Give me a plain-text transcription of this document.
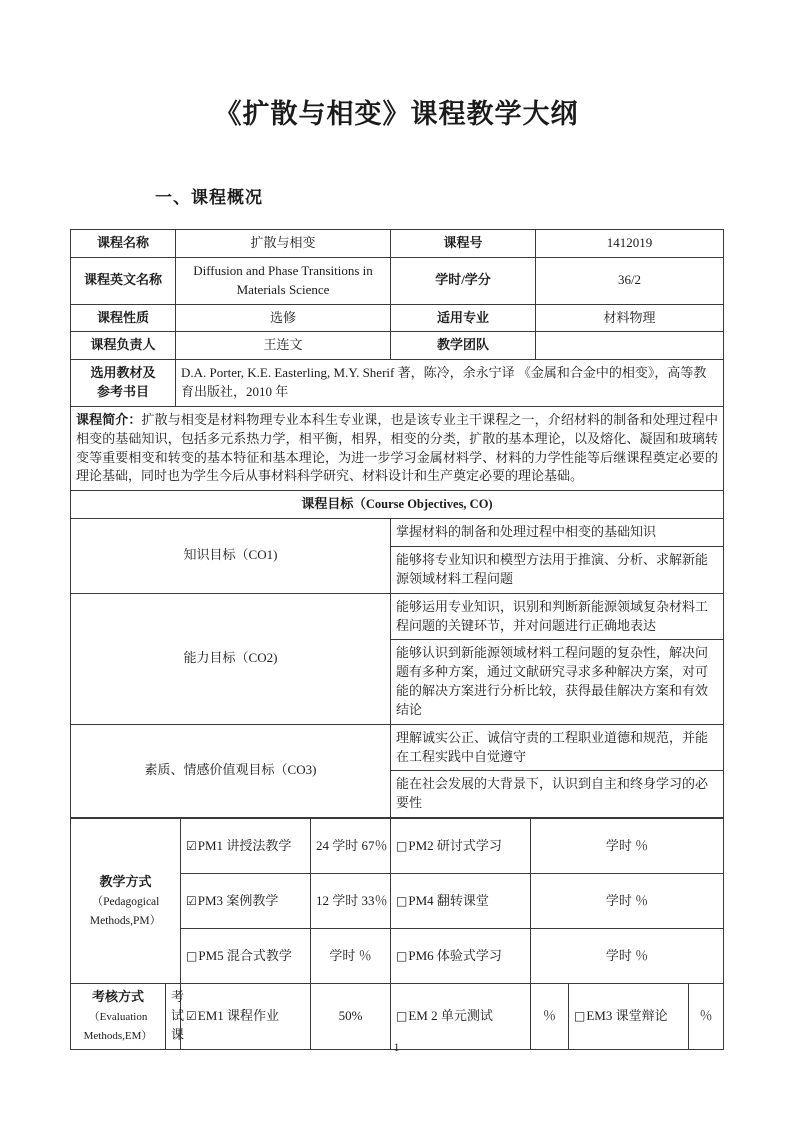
《扩散与相变》课程教学大纲
一、课程概况
课程名称	扩散与相变	课程号	1412019
课程英文名称	Diffusion and Phase Transitions in Materials Science	学时/学分	36/2
课程性质	选修	适用专业	材料物理
课程负责人	王连文	教学团队	
选用教材及
参考书目	D.A. Porter, K.E. Easterling, M.Y. Sherif 著，陈冷，余永宁译 《金属和合金中的相变》，高等教育出版社，2010 年		
课程简介：扩散与相变是材料物理专业本科生专业课，也是该专业主干课程之一，介绍材料的制备和处理过程中相变的基础知识，包括多元系热力学，相平衡，相界，相变的分类，扩散的基本理论，以及熔化、凝固和玻璃转变等重要相变和转变的基本特征和基本理论，为进一步学习金属材料学、材料的力学性能等后继课程奠定必要的理论基础，同时也为学生今后从事材料科学研究、材料设计和生产奠定必要的理论基础。			
课程目标（Course Objectives, CO)			
知识目标（CO1)		掌握材料的制备和处理过程中相变的基础知识	
		能够将专业知识和模型方法用于推演、分析、求解新能源领域材料工程问题	
能力目标（CO2)		能够运用专业知识，识别和判断新能源领域复杂材料工程问题的关键环节，并对问题进行正确地表达	
		能够认识到新能源领域材料工程问题的复杂性，解决问题有多种方案，通过文献研究寻求多种解决方案，对可能的解决方案进行分析比较，获得最佳解决方案和有效结论	
素质、情感价值观目标（CO3)		理解诚实公正、诚信守责的工程职业道德和规范，并能在工程实践中自觉遵守	
		能在社会发展的大背景下，认识到自主和终身学习的必要性	
教学方式
（Pedagogical
Methods,PM）		☑PM1 讲授法教学	24 学时 67％	□PM2 研讨式学习	学时 ％		
		☑PM3 案例教学	12 学时 33％	□PM4 翻转课堂	学时 ％		
		□PM5 混合式教学	学时 ％	□PM6 体验式学习	学时 ％		
考核方式
（Evaluation
Methods,EM）	考
试
课	☑EM1 课程作业	50%	□EM 2 单元测试	％	□EM3 课堂辩论	％
1
